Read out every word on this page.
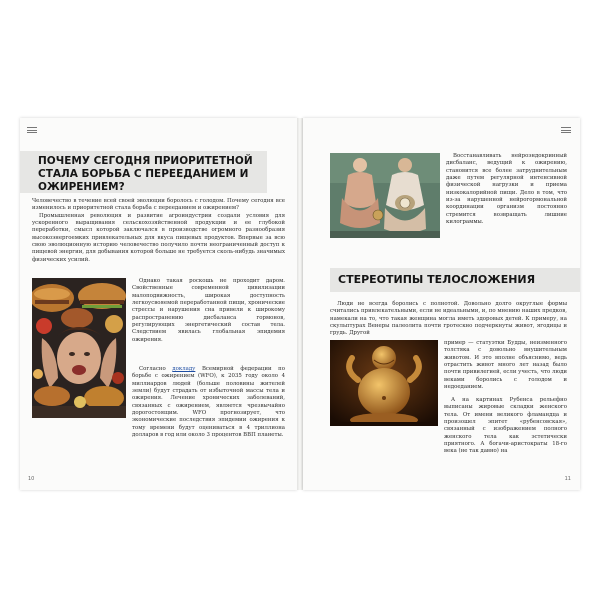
ПОЧЕМУ СЕГОДНЯ ПРИОРИТЕТНОЙ СТАЛА БОРЬБА С ПЕРЕЕДАНИЕМ И ОЖИРЕНИЕМ?

Человечество в течение всей своей эволюции боролось с голодом. Почему сегодня все изменилось и приоритетной стала борьба с перееданием и ожирением?

Промышленная революция и развитие агроиндустрии создали условия для ускоренного выращивания сельскохозяйственной продукции и ее глубокой переработки, смысл которой заключался в производстве огромного разнообразия высокоэнергоемких привлекательных для вкуса пищевых продуктов. Впервые за всю свою эволюционную историю человечество получило почти неограниченный доступ к пищевой энергии, для добывания которой больше не требуется сколь-нибудь значимых физических усилий.

Однако такая роскошь не проходит даром. Свойственные современной цивилизации малоподвижность, широкая доступность легкоусвояемой переработанной пищи, хронические стрессы и нарушения сна привели к широкому распространению дисбаланса гормонов, регулирующих энергетический состав тела. Следствием явилась глобальная эпидемия ожирения.

Согласно докладу Всемирной федерации по борьбе с ожирением (WFO), к 2035 году около 4 миллиардов людей (больше половины жителей земли) будут страдать от избыточной массы тела и ожирения. Лечение хронических заболеваний, связанных с ожирением, является чрезвычайно дорогостоящим. WFO прогнозирует, что экономические последствия эпидемии ожирения к тому времени будут оцениваться в 4 триллиона долларов в год или около 3 процентов ВВП планеты.

10

Восстанавливать нейроэндокринный дисбаланс, ведущий к ожирению, становится все более затруднительным даже путем регулярной интенсивной физической нагрузки и приема низкокалорийной пищи. Дело в том, что из-за нарушенной нейрогормональной координации организм постоянно стремится возвращать лишние килограммы.

СТЕРЕОТИПЫ ТЕЛОСЛОЖЕНИЯ

Люди не всегда боролись с полнотой. Довольно долго округлые формы считались привлекательными, если не идеальными, и, по мнению наших предков, намекали на то, что такая женщина могла иметь здоровых детей. К примеру, на скульптурах Венеры палеолита почти гротескно подчеркнуты живот, ягодицы и грудь. Другой

пример — статуэтки Будды, неизменного толстяка с довольно внушительным животом. И это вполне объяснимо, ведь отрастить живот много лет назад было почти привилегией, если учесть, что люди веками боролись с голодом и недоеданием.

А на картинах Рубенса рельефно выписаны жировые складки женского тела. От имени великого фламандца и произошел эпитет «рубенсовская», связанный с изображением полного женского тела как эстетически приятного. А богачи-аристократы 18-го века (не так давно) на

11
